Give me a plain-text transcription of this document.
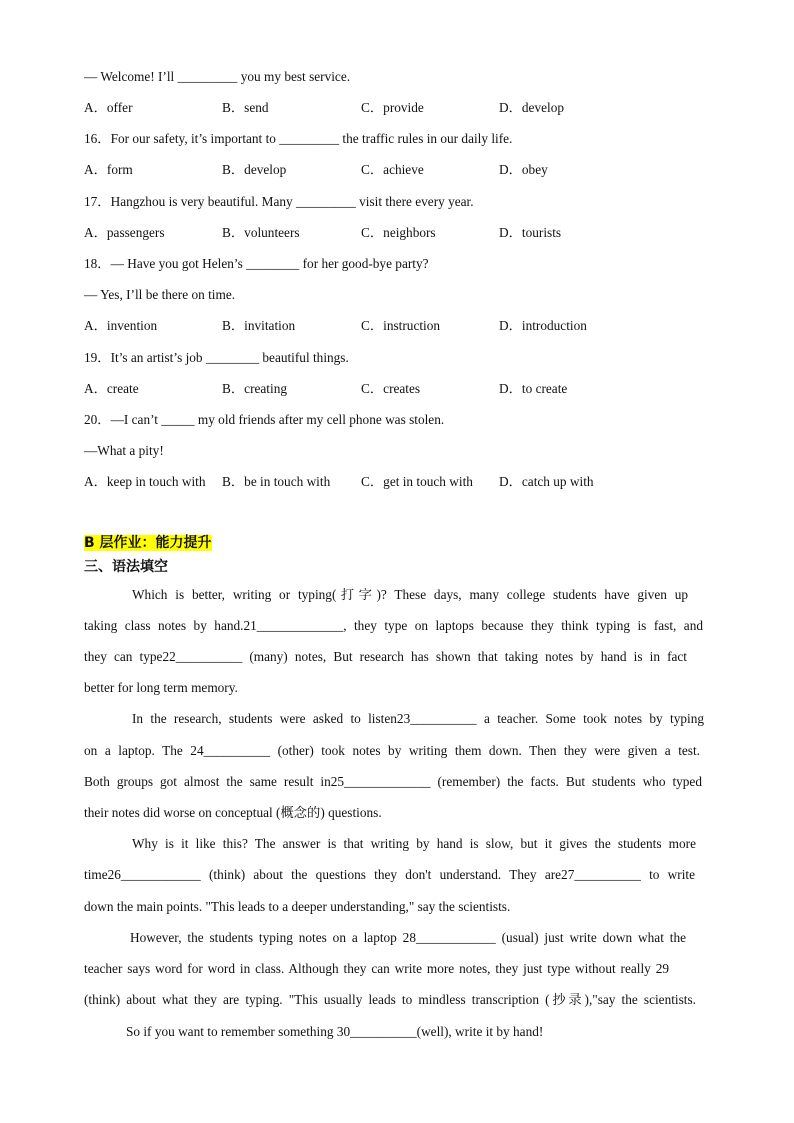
— Welcome! I’ll _________ you my best service.
A．offer	B．send	C．provide	D．develop
16．For our safety, it’s important to _________ the traffic rules in our daily life.
A．form	B．develop	C．achieve	D．obey
17．Hangzhou is very beautiful. Many _________ visit there every year.
A．passengers	B．volunteers	C．neighbors	D．tourists
18．— Have you got Helen’s ________ for her good-bye party?
— Yes, I’ll be there on time.
A．invention	B．invitation	C．instruction	D．introduction
19．It’s an artist’s job ________ beautiful things.
A．create	B．creating	C．creates	D．to create
20．—I can’t _____ my old friends after my cell phone was stolen.
—What a pity!
A．keep in touch with B．be in touch with C．get in touch with D．catch up with
B 层作业：能力提升
三、语法填空
Which is better, writing or typing(打字)? These days, many college students have given up
taking class notes by hand.21_____________, they type on laptops because they think typing is fast, and
they can type22__________ (many) notes, But research has shown that taking notes by hand is in fact
better for long term memory.
In the research, students were asked to listen23__________ a teacher. Some took notes by typing
on a laptop. The 24__________ (other) took notes by writing them down. Then they were given a test.
Both groups got almost the same result in25_____________ (remember) the facts. But students who typed
their notes did worse on conceptual (概念的) questions.
Why is it like this? The answer is that writing by hand is slow, but it gives the students more
time26____________ (think) about the questions they don't understand. They are27__________ to write
down the main points. "This leads to a deeper understanding," say the scientists.
However, the students typing notes on a laptop 28____________ (usual) just write down what the
teacher says word for word in class. Although they can write more notes, they just type without really 29
(think) about what they are typing. "This usually leads to mindless transcription (抄录),"say the scientists.
So if you want to remember something 30__________(well), write it by hand!
